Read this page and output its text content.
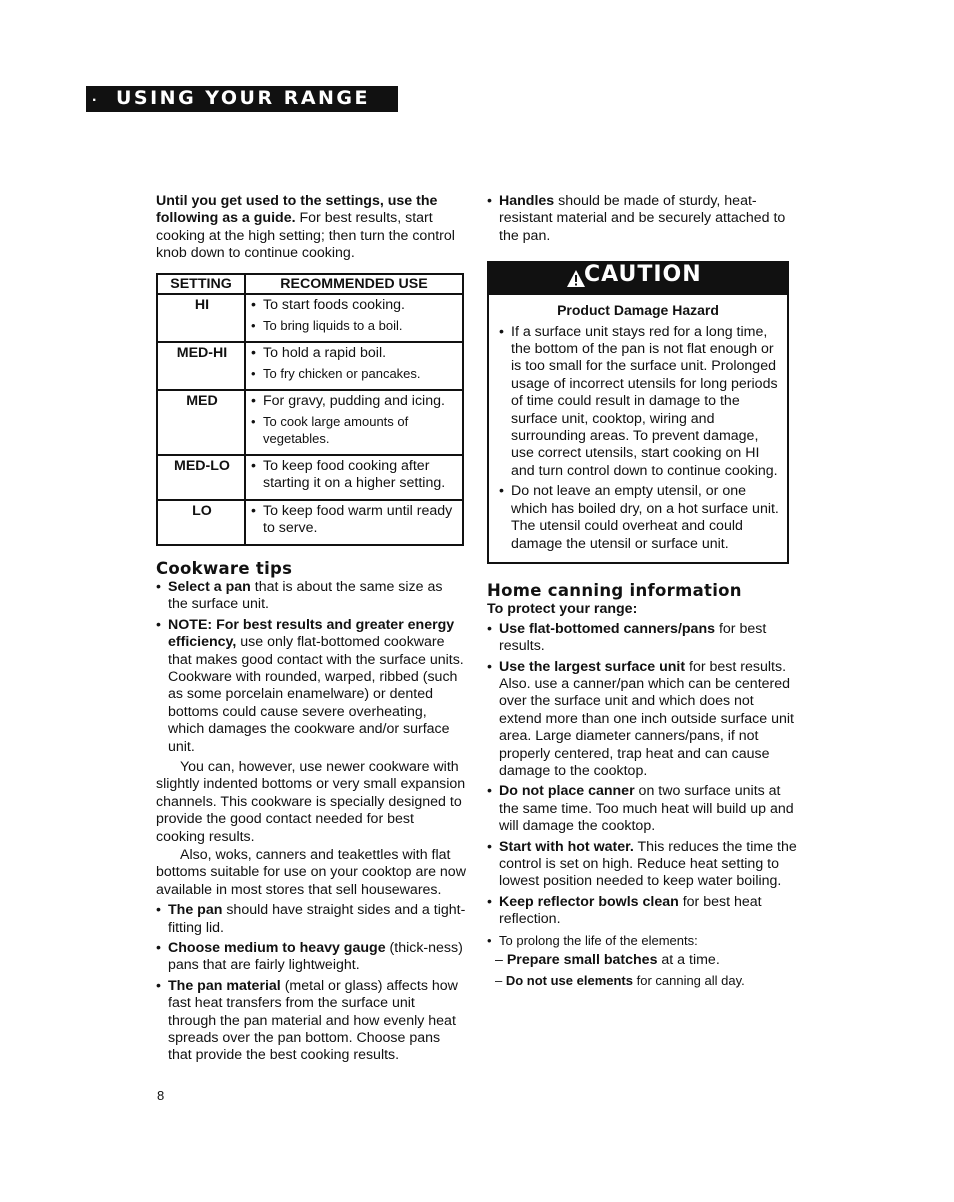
. USING YOUR RANGE

Until you get used to the settings, use the following as a guide. For best results, start cooking at the high setting; then turn the control knob down to continue cooking.

SETTING	RECOMMENDED USE
HI	• To start foods cooking.
• To bring liquids to a boil.

MED-HI	• To hold a rapid boil.
• To fry chicken or pancakes.

MED	• For gravy, pudding and icing.
• To cook large amounts of vegetables.

MED-LO	• To keep food cooking after starting it on a higher setting.

LO	• To keep food warm until ready to serve.
Cookware tips

• Select a pan that is about the same size as the surface unit.

• NOTE: For best results and greater energy efficiency, use only flat-bottomed cookware that makes good contact with the surface units. Cookware with rounded, warped, ribbed (such as some porcelain enamelware) or dented bottoms could cause severe overheating, which damages the cookware and/or surface unit.

You can, however, use newer cookware with slightly indented bottoms or very small expansion channels. This cookware is specially designed to provide the good contact needed for best cooking results.

Also, woks, canners and teakettles with flat bottoms suitable for use on your cooktop are now available in most stores that sell housewares.

• The pan should have straight sides and a tight-fitting lid.

• Choose medium to heavy gauge (thick-ness) pans that are fairly lightweight.

• The pan material (metal or glass) affects how fast heat transfers from the surface unit through the pan material and how evenly heat spreads over the pan bottom. Choose pans that provide the best cooking results.

• Handles should be made of sturdy, heat-resistant material and be securely attached to the pan.

CAUTION

Product Damage Hazard

• If a surface unit stays red for a long time, the bottom of the pan is not flat enough or is too small for the surface unit. Prolonged usage of incorrect utensils for long periods of time could result in damage to the surface unit, cooktop, wiring and surrounding areas. To prevent damage, use correct utensils, start cooking on HI and turn control down to continue cooking.

• Do not leave an empty utensil, or one which has boiled dry, on a hot surface unit. The utensil could overheat and could damage the utensil or surface unit.

Home canning information

To protect your range:

• Use flat-bottomed canners/pans for best results.

• Use the largest surface unit for best results. Also. use a canner/pan which can be centered over the surface unit and which does not extend more than one inch outside surface unit area. Large diameter canners/pans, if not properly centered, trap heat and can cause damage to the cooktop.

• Do not place canner on two surface units at the same time. Too much heat will build up and will damage the cooktop.

• Start with hot water. This reduces the time the control is set on high. Reduce heat setting to lowest position needed to keep water boiling.

• Keep reflector bowls clean for best heat reflection.

• To prolong the life of the elements:

– Prepare small batches at a time.

– Do not use elements for canning all day.

8
